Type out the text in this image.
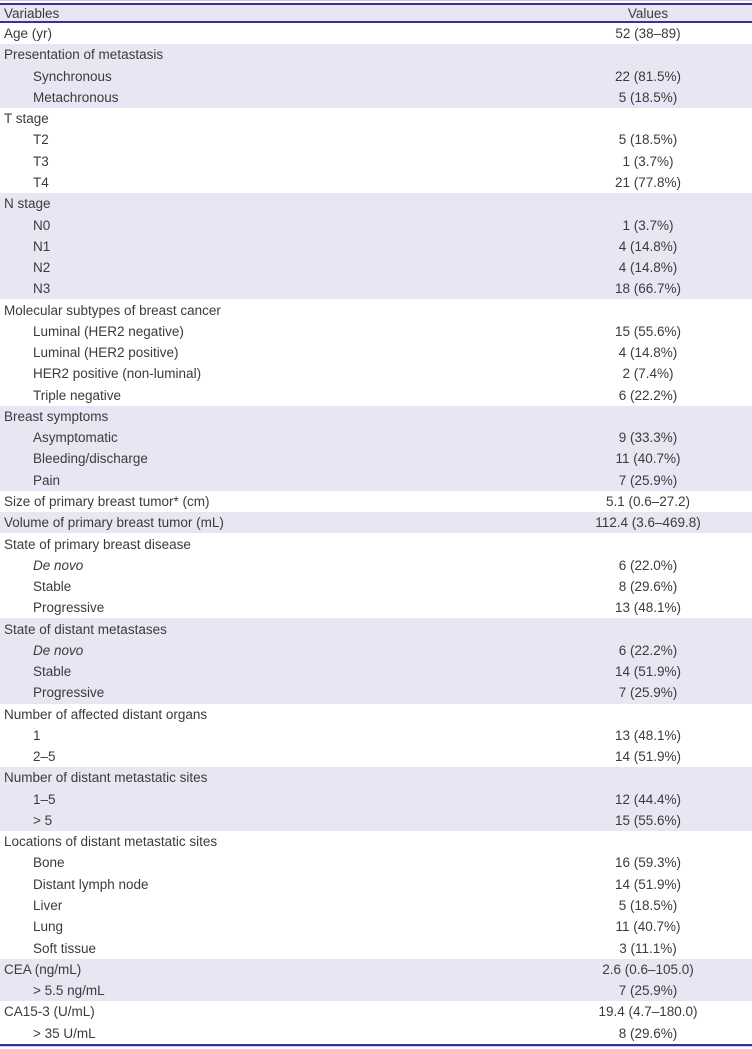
Variables	Values
Age (yr)	52 (38–89)
Presentation of metastasis	
Synchronous	22 (81.5%)
Metachronous	5 (18.5%)
T stage	
T2	5 (18.5%)
T3	1 (3.7%)
T4	21 (77.8%)
N stage	
N0	1 (3.7%)
N1	4 (14.8%)
N2	4 (14.8%)
N3	18 (66.7%)
Molecular subtypes of breast cancer	
Luminal (HER2 negative)	15 (55.6%)
Luminal (HER2 positive)	4 (14.8%)
HER2 positive (non-luminal)	2 (7.4%)
Triple negative	6 (22.2%)
Breast symptoms	
Asymptomatic	9 (33.3%)
Bleeding/discharge	11 (40.7%)
Pain	7 (25.9%)
Size of primary breast tumor* (cm)	5.1 (0.6–27.2)
Volume of primary breast tumor (mL)	112.4 (3.6–469.8)
State of primary breast disease	
De novo	6 (22.0%)
Stable	8 (29.6%)
Progressive	13 (48.1%)
State of distant metastases	
De novo	6 (22.2%)
Stable	14 (51.9%)
Progressive	7 (25.9%)
Number of affected distant organs	
1	13 (48.1%)
2–5	14 (51.9%)
Number of distant metastatic sites	
1–5	12 (44.4%)
> 5	15 (55.6%)
Locations of distant metastatic sites	
Bone	16 (59.3%)
Distant lymph node	14 (51.9%)
Liver	5 (18.5%)
Lung	11 (40.7%)
Soft tissue	3 (11.1%)
CEA (ng/mL)	2.6 (0.6–105.0)
> 5.5 ng/mL	7 (25.9%)
CA15-3 (U/mL)	19.4 (4.7–180.0)
> 35 U/mL	8 (29.6%)
